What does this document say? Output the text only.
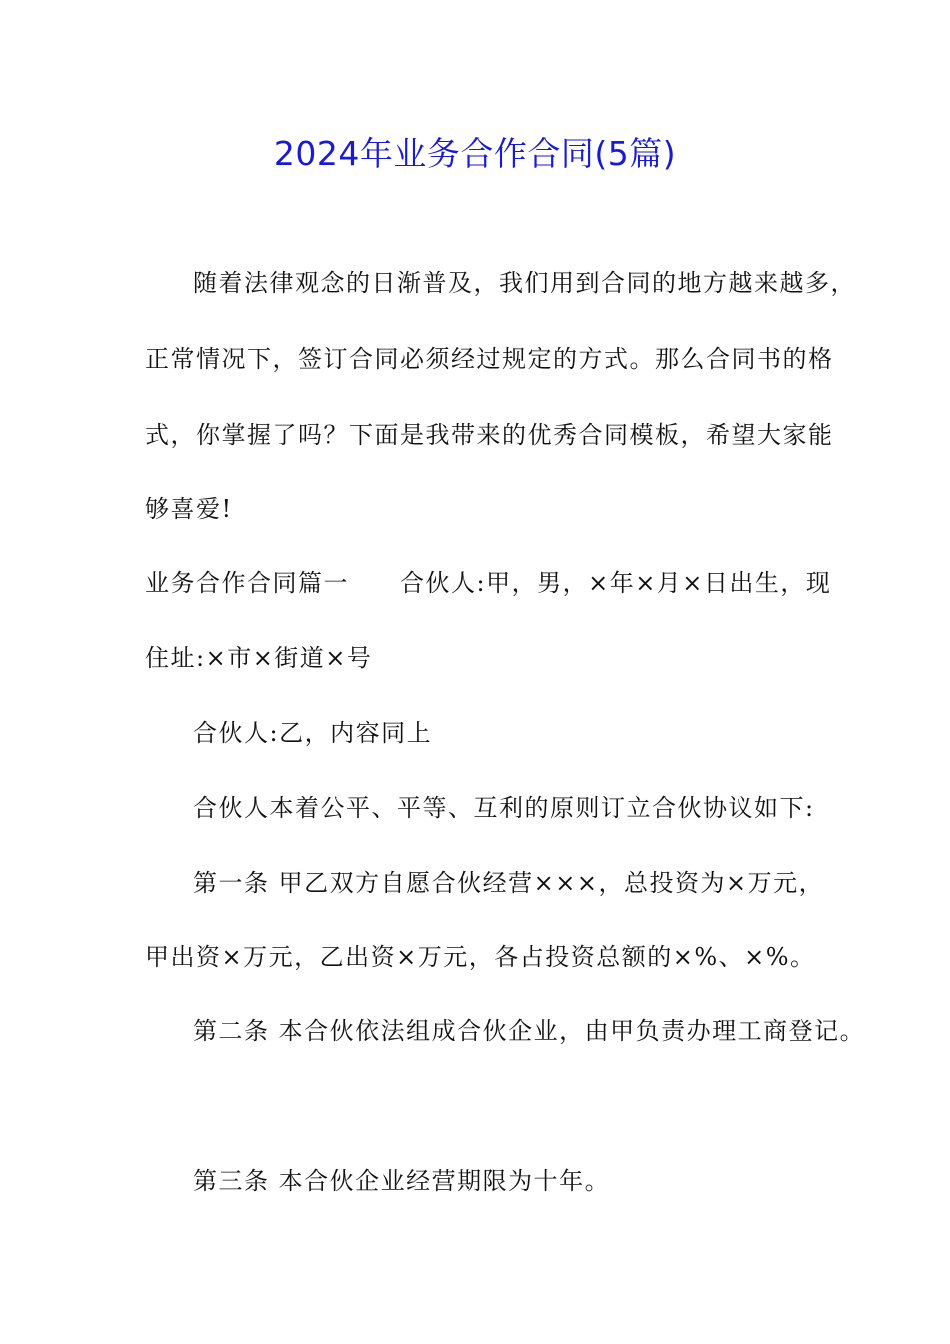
2024年业务合作合同(5篇)
随着法律观念的日渐普及，我们用到合同的地方越来越多，
正常情况下，签订合同必须经过规定的方式。那么合同书的格
式，你掌握了吗？下面是我带来的优秀合同模板，希望大家能
够喜爱!
业务合作合同篇一　　合伙人:甲，男，×年×月×日出生，现
住址:×市×街道×号
合伙人:乙，内容同上
合伙人本着公平、平等、互利的原则订立合伙协议如下:
第一条 甲乙双方自愿合伙经营×××，总投资为×万元，
甲出资×万元，乙出资×万元，各占投资总额的×%、×%。
第二条 本合伙依法组成合伙企业，由甲负责办理工商登记。
第三条 本合伙企业经营期限为十年。
